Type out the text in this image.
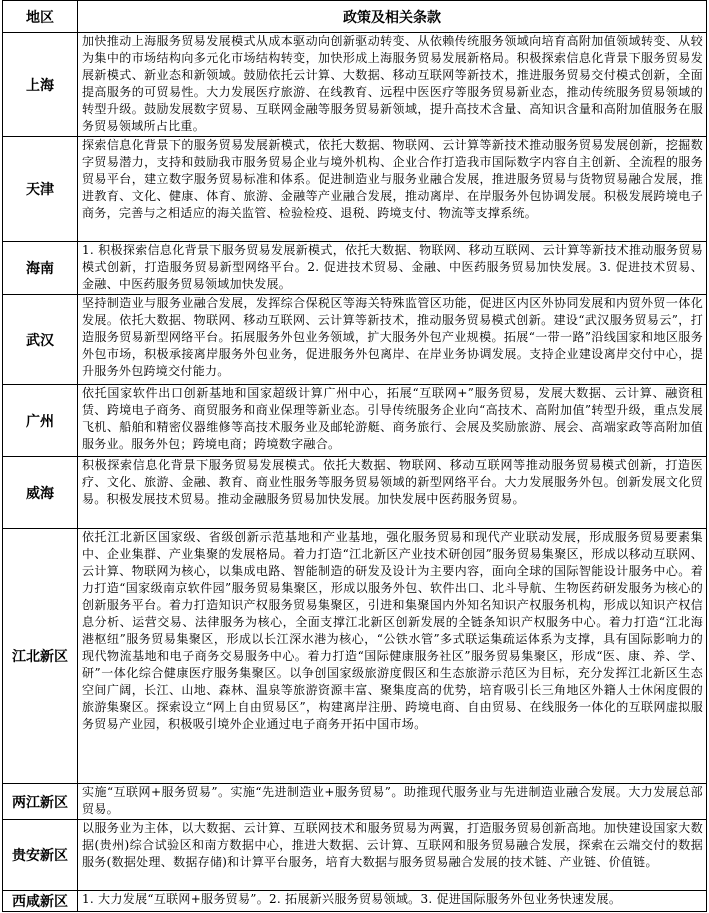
地区	政策及相关条款
上海	加快推动上海服务贸易发展模式从成本驱动向创新驱动转变、从依赖传统服务领域向培育高附加值领域转变、从较为集中的市场结构向多元化市场结构转变，加快形成上海服务贸易发展新格局。积极探索信息化背景下服务贸易发展新模式、新业态和新领域。鼓励依托云计算、大数据、移动互联网等新技术，推进服务贸易交付模式创新，全面提高服务的可贸易性。大力发展医疗旅游、在线教育、远程中医医疗等服务贸易新业态，推动传统服务贸易领域的转型升级。鼓励发展数字贸易、互联网金融等服务贸易新领域，提升高技术含量、高知识含量和高附加值服务在服务贸易领域所占比重。
天津	探索信息化背景下的服务贸易发展新模式，依托大数据、物联网、云计算等新技术推动服务贸易发展创新，挖掘数字贸易潜力，支持和鼓励我市服务贸易企业与境外机构、企业合作打造我市国际数字内容自主创新、全流程的服务贸易平台，建立数字服务贸易标准和体系。促进制造业与服务业融合发展，推进服务贸易与货物贸易融合发展，推进教育、文化、健康、体育、旅游、金融等产业融合发展，推动离岸、在岸服务外包协调发展。积极发展跨境电子商务，完善与之相适应的海关监管、检验检疫、退税、跨境支付、物流等支撑系统。
海南	1. 积极探索信息化背景下服务贸易发展新模式，依托大数据、物联网、移动互联网、云计算等新技术推动服务贸易模式创新，打造服务贸易新型网络平台。2. 促进技术贸易、金融、中医药服务贸易加快发展。3. 促进技术贸易、金融、中医药服务贸易领域加快发展。
武汉	坚持制造业与服务业融合发展，发挥综合保税区等海关特殊监管区功能，促进区内区外协同发展和内贸外贸一体化发展。依托大数据、物联网、移动互联网、云计算等新技术，推动服务贸易模式创新。建设“武汉服务贸易云”，打造服务贸易新型网络平台。拓展服务外包业务领域，扩大服务外包产业规模。拓展“一带一路”沿线国家和地区服务外包市场，积极承接离岸服务外包业务，促进服务外包离岸、在岸业务协调发展。支持企业建设离岸交付中心，提升服务外包跨境交付能力。
广州	依托国家软件出口创新基地和国家超级计算广州中心，拓展“互联网+”服务贸易，发展大数据、云计算、融资租赁、跨境电子商务、商贸服务和商业保理等新业态。引导传统服务企业向“高技术、高附加值”转型升级，重点发展飞机、船舶和精密仪器维修等高技术服务业及邮轮游艇、商务旅行、会展及奖励旅游、展会、高端家政等高附加值服务业。服务外包；跨境电商；跨境数字融合。
威海	积极探索信息化背景下服务贸易发展模式。依托大数据、物联网、移动互联网等推动服务贸易模式创新，打造医疗、文化、旅游、金融、教育、商业性服务等服务贸易领域的新型网络平台。大力发展服务外包。创新发展文化贸易。积极发展技术贸易。推动金融服务贸易加快发展。加快发展中医药服务贸易。
江北新区	依托江北新区国家级、省级创新示范基地和产业基地，强化服务贸易和现代产业联动发展，形成服务贸易要素集中、企业集群、产业集聚的发展格局。着力打造“江北新区产业技术研创园”服务贸易集聚区，形成以移动互联网、云计算、物联网为核心，以集成电路、智能制造的研发及设计为主要内容，面向全球的国际智能设计服务中心。着力打造“国家级南京软件园”服务贸易集聚区，形成以服务外包、软件出口、北斗导航、生物医药研发服务为核心的创新服务平台。着力打造知识产权服务贸易集聚区，引进和集聚国内外知名知识产权服务机构，形成以知识产权信息分析、运营交易、法律服务为核心，全面支撑江北新区创新发展的全链条知识产权服务中心。着力打造“江北海港枢纽”服务贸易集聚区，形成以长江深水港为核心，“公铁水管”多式联运集疏运体系为支撑，具有国际影响力的现代物流基地和电子商务交易服务中心。着力打造“国际健康服务社区”服务贸易集聚区，形成“医、康、养、学、研”一体化综合健康医疗服务集聚区。以争创国家级旅游度假区和生态旅游示范区为目标，充分发挥江北新区生态空间广阔，长江、山地、森林、温泉等旅游资源丰富、聚集度高的优势，培育吸引长三角地区外籍人士休闲度假的旅游集聚区。探索设立“网上自由贸易区”，构建离岸注册、跨境电商、自由贸易、在线服务一体化的互联网虚拟服务贸易产业园，积极吸引境外企业通过电子商务开拓中国市场。
两江新区	实施“互联网+服务贸易”。实施“先进制造业+服务贸易”。助推现代服务业与先进制造业融合发展。大力发展总部贸易。
贵安新区	以服务业为主体，以大数据、云计算、互联网技术和服务贸易为两翼，打造服务贸易创新高地。加快建设国家大数据(贵州)综合试验区和南方数据中心，推进大数据、云计算、互联网和服务贸易融合发展，探索在云端交付的数据服务(数据处理、数据存储)和计算平台服务，培育大数据与服务贸易融合发展的技术链、产业链、价值链。
西咸新区	1. 大力发展“互联网+服务贸易”。2. 拓展新兴服务贸易领域。3. 促进国际服务外包业务快速发展。
